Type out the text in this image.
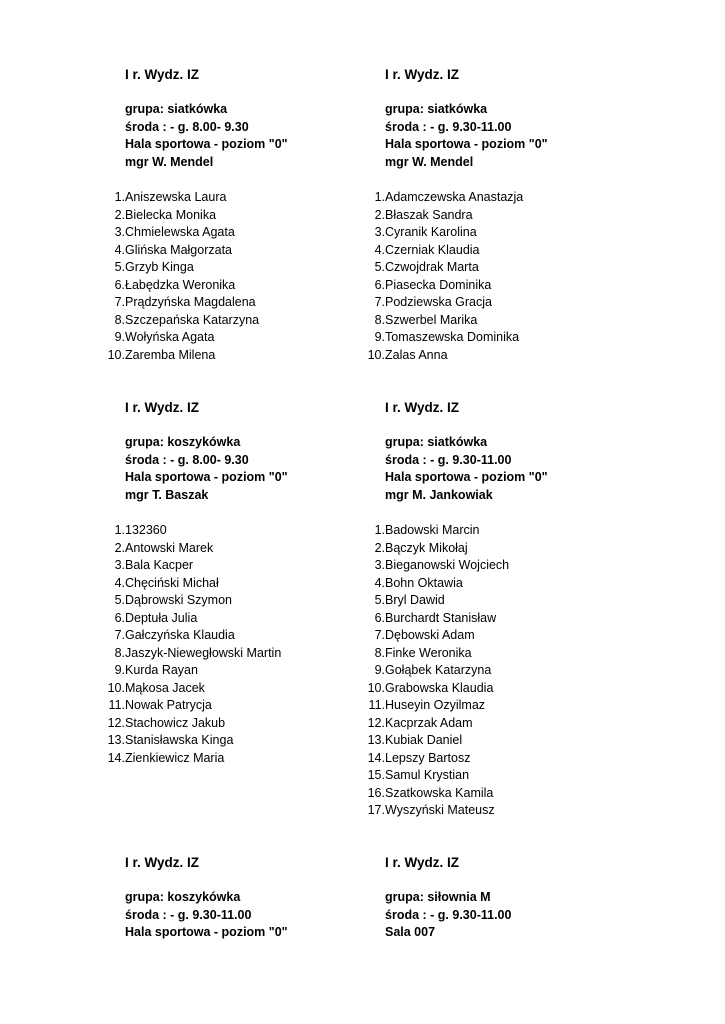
I r. Wydz. IZ
grupa: siatkówka
środa : - g. 8.00- 9.30
Hala sportowa - poziom "0"
mgr W. Mendel
1. Aniszewska Laura
2. Bielecka Monika
3. Chmielewska Agata
4. Glińska Małgorzata
5. Grzyb Kinga
6. Łabędzka Weronika
7. Prądzyńska Magdalena
8. Szczepańska Katarzyna
9. Wołyńska Agata
10. Zaremba Milena
I r. Wydz. IZ
grupa: siatkówka
środa : - g. 9.30-11.00
Hala sportowa - poziom "0"
mgr W. Mendel
1. Adamczewska Anastazja
2. Błaszak Sandra
3. Cyranik Karolina
4. Czerniak Klaudia
5. Czwojdrak Marta
6. Piasecka Dominika
7. Podziewska Gracja
8. Szwerbel Marika
9. Tomaszewska Dominika
10. Zalas Anna
I r. Wydz. IZ
grupa: koszykówka
środa : - g. 8.00- 9.30
Hala sportowa - poziom "0"
mgr T. Baszak
1. 132360
2. Antowski Marek
3. Bala Kacper
4. Chęciński Michał
5. Dąbrowski Szymon
6. Deptuła Julia
7. Gałczyńska Klaudia
8. Jaszyk-Niewegłowski Martin
9. Kurda Rayan
10. Mąkosa Jacek
11. Nowak Patrycja
12. Stachowicz Jakub
13. Stanisławska Kinga
14. Zienkiewicz Maria
I r. Wydz. IZ
grupa: siatkówka
środa : - g. 9.30-11.00
Hala sportowa - poziom "0"
mgr M. Jankowiak
1. Badowski Marcin
2. Bączyk Mikołaj
3. Bieganowski Wojciech
4. Bohn Oktawia
5. Bryl Dawid
6. Burchardt Stanisław
7. Dębowski Adam
8. Finke Weronika
9. Gołąbek Katarzyna
10. Grabowska Klaudia
11. Huseyin Ozyilmaz
12. Kacprzak Adam
13. Kubiak Daniel
14. Lepszy Bartosz
15. Samul Krystian
16. Szatkowska Kamila
17. Wyszyński Mateusz
I r. Wydz. IZ
grupa: koszykówka
środa : - g. 9.30-11.00
Hala sportowa - poziom "0"
I r. Wydz. IZ
grupa: siłownia M
środa : - g. 9.30-11.00
Sala 007
